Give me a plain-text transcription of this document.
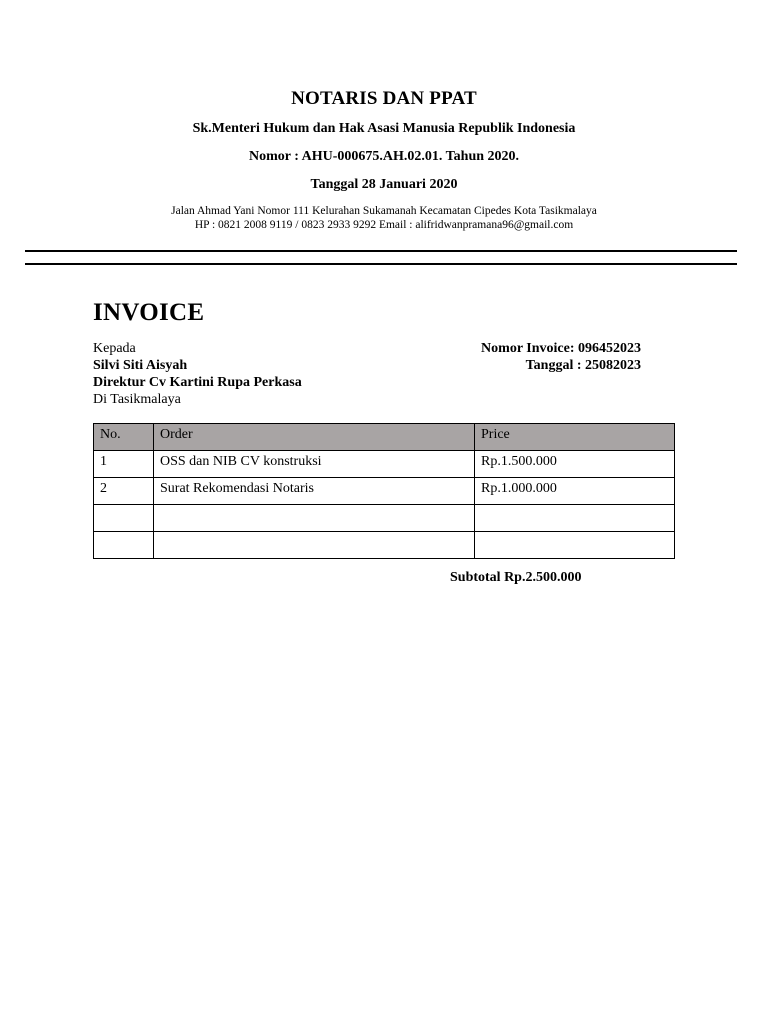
NOTARIS DAN PPAT
Sk.Menteri Hukum dan Hak Asasi Manusia Republik Indonesia
Nomor : AHU-000675.AH.02.01. Tahun 2020.
Tanggal 28 Januari 2020
Jalan Ahmad Yani Nomor 111 Kelurahan Sukamanah Kecamatan Cipedes Kota Tasikmalaya
HP : 0821 2008 9119 / 0823 2933 9292 Email : alifridwanpramana96@gmail.com
INVOICE
Kepada
Silvi Siti Aisyah
Direktur Cv Kartini Rupa Perkasa
Di Tasikmalaya
Nomor Invoice: 096452023
Tanggal : 25082023
No.	Order	Price
1	OSS dan NIB CV konstruksi	Rp.1.500.000
2	Surat Rekomendasi Notaris	Rp.1.000.000

Subtotal Rp.2.500.000
